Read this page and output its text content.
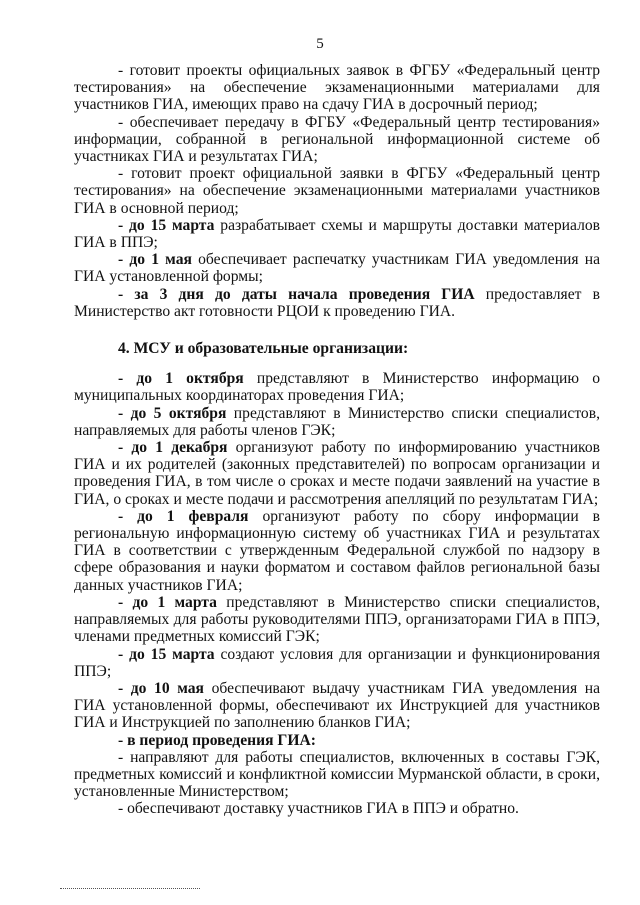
5

- готовит проекты официальных заявок в ФГБУ «Федеральный центр тестирования» на обеспечение экзаменационными материалами для участников ГИА, имеющих право на сдачу ГИА в досрочный период;

- обеспечивает передачу в ФГБУ «Федеральный центр тестирования» информации, собранной в региональной информационной системе об участниках ГИА и результатах ГИА;

- готовит проект официальной заявки в ФГБУ «Федеральный центр тестирования» на обеспечение экзаменационными материалами участников ГИА в основной период;

- до 15 марта разрабатывает схемы и маршруты доставки материалов ГИА в ППЭ;

- до 1 мая обеспечивает распечатку участникам ГИА уведомления на ГИА установленной формы;

- за 3 дня до даты начала проведения ГИА предоставляет в Министерство акт готовности РЦОИ к проведению ГИА.

4. МСУ и образовательные организации:

- до 1 октября представляют в Министерство информацию о муниципальных координаторах проведения ГИА;

- до 5 октября представляют в Министерство списки специалистов, направляемых для работы членов ГЭК;

- до 1 декабря организуют работу по информированию участников ГИА и их родителей (законных представителей) по вопросам организации и проведения ГИА, в том числе о сроках и месте подачи заявлений на участие в ГИА, о сроках и месте подачи и рассмотрения апелляций по результатам ГИА;

- до 1 февраля организуют работу по сбору информации в региональную информационную систему об участниках ГИА и результатах ГИА в соответствии с утвержденным Федеральной службой по надзору в сфере образования и науки форматом и составом файлов региональной базы данных участников ГИА;

- до 1 марта представляют в Министерство списки специалистов, направляемых для работы руководителями ППЭ, организаторами ГИА в ППЭ, членами предметных комиссий ГЭК;

- до 15 марта создают условия для организации и функционирования ППЭ;

- до 10 мая обеспечивают выдачу участникам ГИА уведомления на ГИА установленной формы, обеспечивают их Инструкцией для участников ГИА и Инструкцией по заполнению бланков ГИА;

- в период проведения ГИА:

- направляют для работы специалистов, включенных в составы ГЭК, предметных комиссий и конфликтной комиссии Мурманской области, в сроки, установленные Министерством;

- обеспечивают доставку участников ГИА в ППЭ и обратно.
